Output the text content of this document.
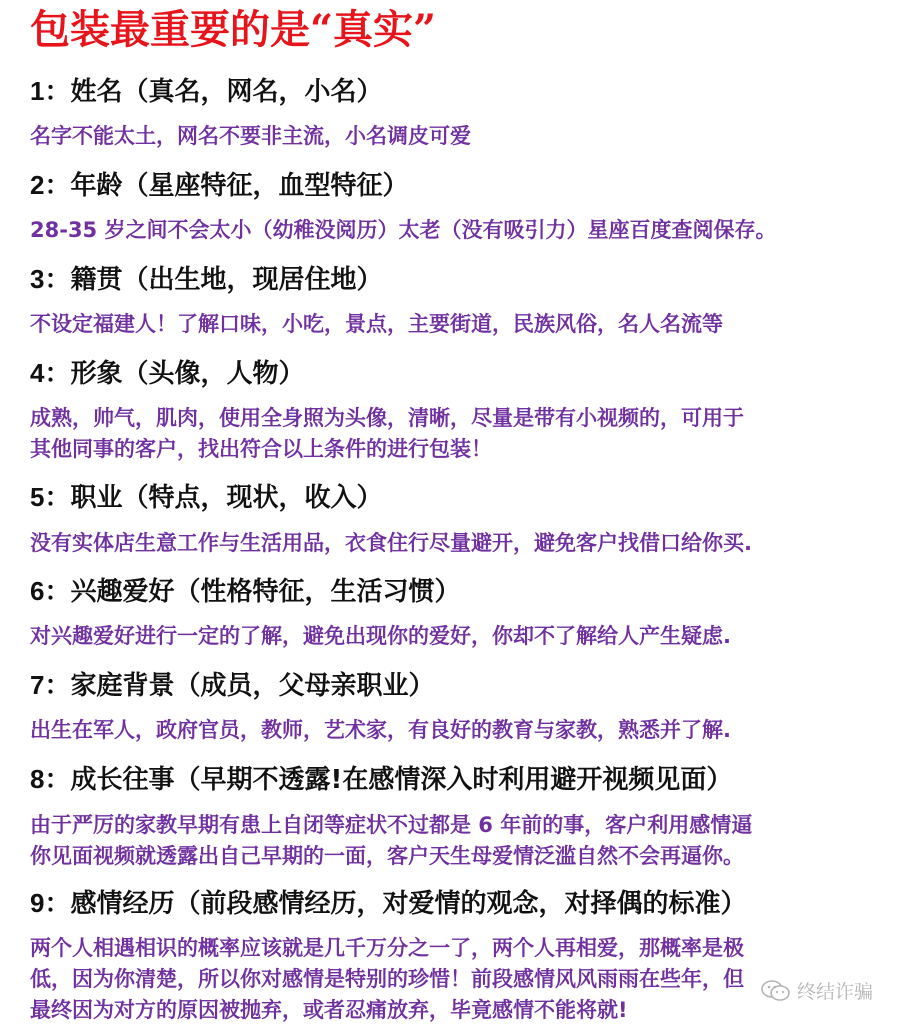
包装最重要的是“真实”
1：姓名（真名，网名，小名）
名字不能太土，网名不要非主流，小名调皮可爱
2：年龄（星座特征，血型特征）
28-35 岁之间不会太小（幼稚没阅历）太老（没有吸引力）星座百度查阅保存。
3：籍贯（出生地，现居住地）
不设定福建人！了解口味，小吃，景点，主要街道，民族风俗，名人名流等
4：形象（头像，人物）
成熟，帅气，肌肉，使用全身照为头像，清晰，尽量是带有小视频的，可用于
其他同事的客户，找出符合以上条件的进行包装！
5：职业（特点，现状，收入）
没有实体店生意工作与生活用品，衣食住行尽量避开，避免客户找借口给你买.
6：兴趣爱好（性格特征，生活习惯）
对兴趣爱好进行一定的了解，避免出现你的爱好，你却不了解给人产生疑虑.
7：家庭背景（成员，父母亲职业）
出生在军人，政府官员，教师，艺术家，有良好的教育与家教，熟悉并了解.
8：成长往事（早期不透露!在感情深入时利用避开视频见面）
由于严厉的家教早期有患上自闭等症状不过都是 6 年前的事，客户利用感情逼
你见面视频就透露出自己早期的一面，客户天生母爱情泛滥自然不会再逼你。
9：感情经历（前段感情经历，对爱情的观念，对择偶的标准）
两个人相遇相识的概率应该就是几千万分之一了，两个人再相爱，那概率是极
低，因为你清楚，所以你对感情是特别的珍惜！前段感情风风雨雨在些年，但
最终因为对方的原因被抛弃，或者忍痛放弃，毕竟感情不能将就!
终结诈骗
